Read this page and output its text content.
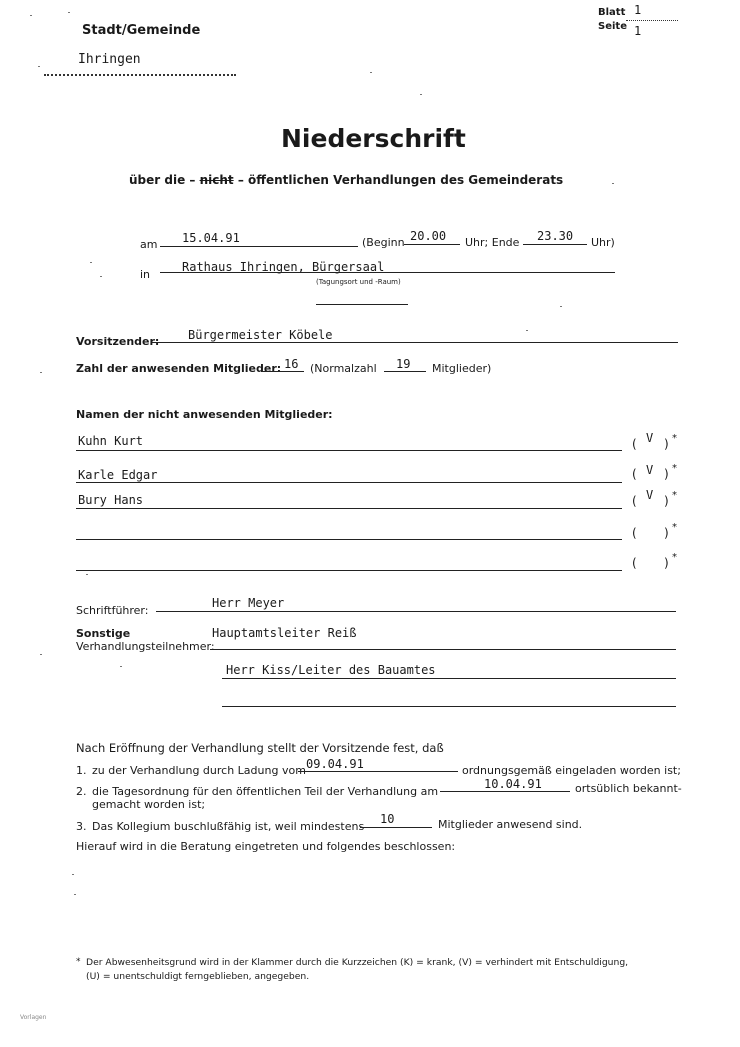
Blatt 1
Seite 1
Stadt/Gemeinde
Ihringen
Niederschrift
über die – nicht – öffentlichen Verhandlungen des Gemeinderats
am 15.04.91	(Beginn 20.00 Uhr; Ende 23.30 Uhr)
in
Rathaus Ihringen, Bürgersaal
(Tagungsort und -Raum)
Vorsitzender: Bürgermeister Köbele
Zahl der anwesenden Mitglieder: 16 (Normalzahl 19 Mitglieder)
Namen der nicht anwesenden Mitglieder:
Kuhn Kurt	( V ) *
Karle Edgar	( V ) *
Bury Hans	( V ) *
( ) *
( ) *
Schriftführer:
Herr Meyer
Sonstige
Verhandlungsteilnehmer:
Hauptamtsleiter Reiß
Herr Kiss/Leiter des Bauamtes
Nach Eröffnung der Verhandlung stellt der Vorsitzende fest, daß
1. zu der Verhandlung durch Ladung vom 09.04.91	ordnungsgemäß eingeladen worden ist;
2. die Tagesordnung für den öffentlichen Teil der Verhandlung am
10.04.91	ortsüblich bekannt-
gemacht worden ist;
3. Das Kollegium buschlußfähig ist, weil mindestens
10	Mitglieder anwesend sind.
Hierauf wird in die Beratung eingetreten und folgendes beschlossen:
* Der Abwesenheitsgrund wird in der Klammer durch die Kurzzeichen (K) = krank, (V) = verhindert mit Entschuldigung,
(U) = unentschuldigt ferngeblieben, angegeben.
Vorlagen
